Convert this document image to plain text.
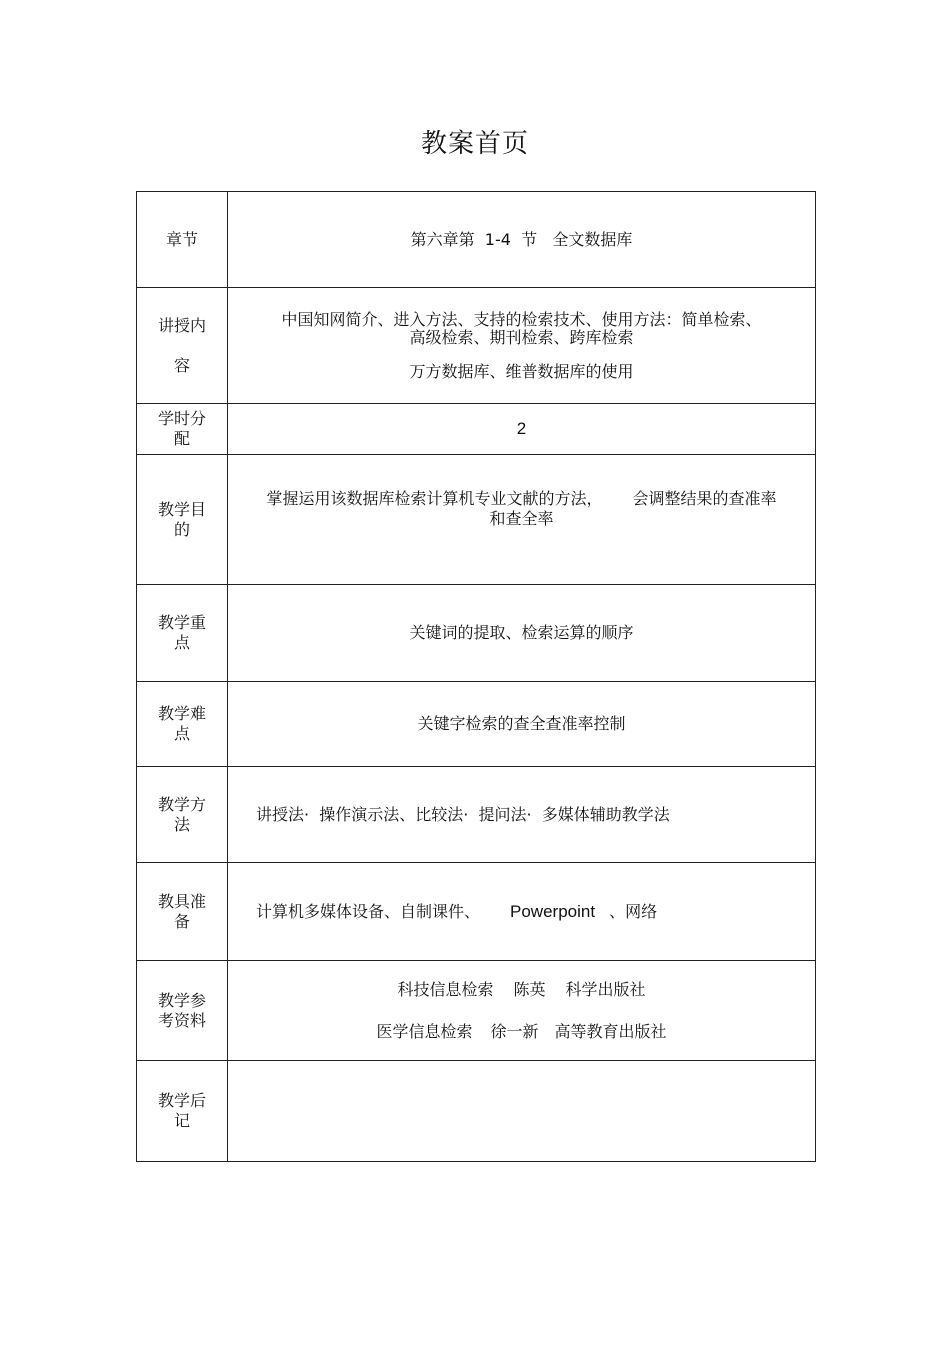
教案首页
章节	第六章第  1-4  节   全文数据库
讲授内容	中国知网简介、进入方法、支持的检索技术、使用方法：简单检索、
高级检索、期刊检索、跨库检索
万方数据库、维普数据库的使用

学时分配	2
教学目的	掌握运用该数据库检索计算机专业文献的方法， 会调整结果的查准率
和查全率

教学重点	关键词的提取、检索运算的顺序
教学难点	关键字检索的查全查准率控制
教学方法	讲授法·  操作演示法、比较法·  提问法·  多媒体辅助教学法
教具准备	计算机多媒体设备、自制课件、 Powerpoint 、网络
教学参考资料	科技信息检索 陈英 科学出版社
医学信息检索 徐一新 高等教育出版社

教学后记	
